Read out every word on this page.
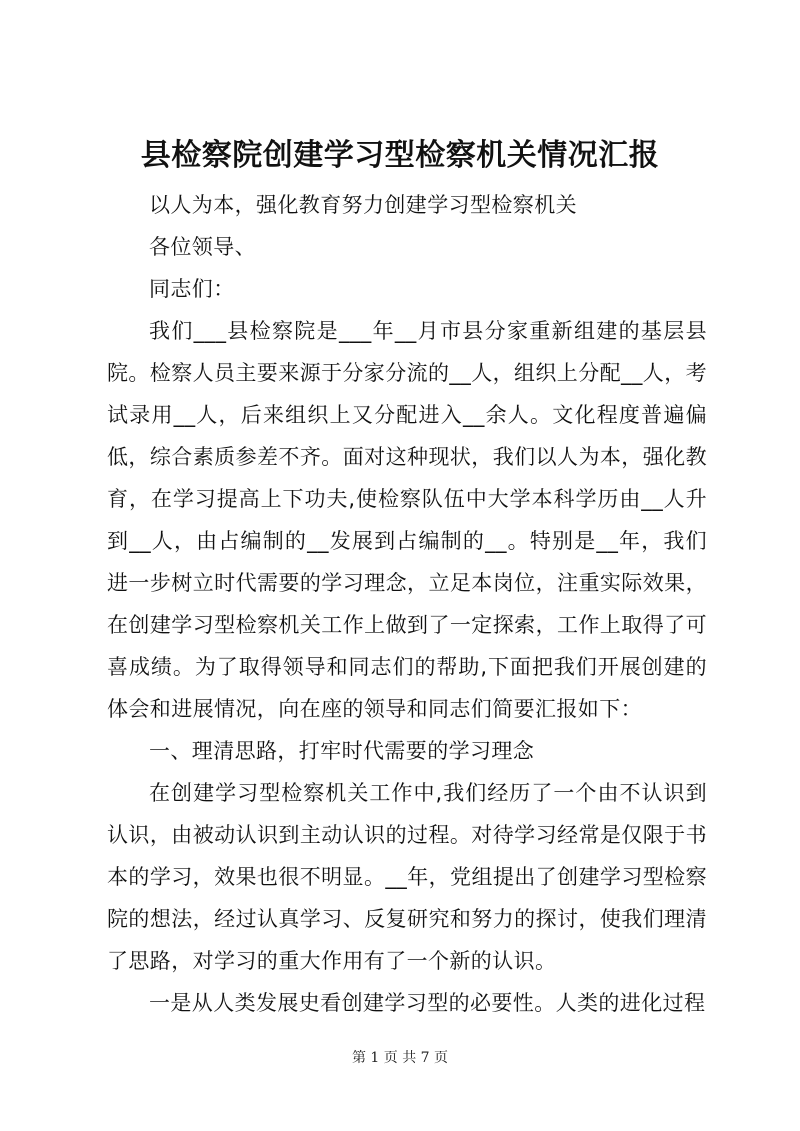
县检察院创建学习型检察机关情况汇报

以人为本，强化教育努力创建学习型检察机关

各位领导、

同志们：

我们___县检察院是___年__月市县分家重新组建的基层县院。检察人员主要来源于分家分流的__人，组织上分配__人，考试录用__人，后来组织上又分配进入__余人。文化程度普遍偏低，综合素质参差不齐。面对这种现状，我们以人为本，强化教育，在学习提高上下功夫,使检察队伍中大学本科学历由__人升到__人，由占编制的__发展到占编制的__。特别是__年，我们进一步树立时代需要的学习理念，立足本岗位，注重实际效果，在创建学习型检察机关工作上做到了一定探索，工作上取得了可喜成绩。为了取得领导和同志们的帮助,下面把我们开展创建的体会和进展情况，向在座的领导和同志们简要汇报如下：

一、理清思路，打牢时代需要的学习理念

在创建学习型检察机关工作中,我们经历了一个由不认识到认识，由被动认识到主动认识的过程。对待学习经常是仅限于书本的学习，效果也很不明显。__年，党组提出了创建学习型检察院的想法，经过认真学习、反复研究和努力的探讨，使我们理清了思路，对学习的重大作用有了一个新的认识。

一是从人类发展史看创建学习型的必要性。人类的进化过程

第 1 页 共 7 页
